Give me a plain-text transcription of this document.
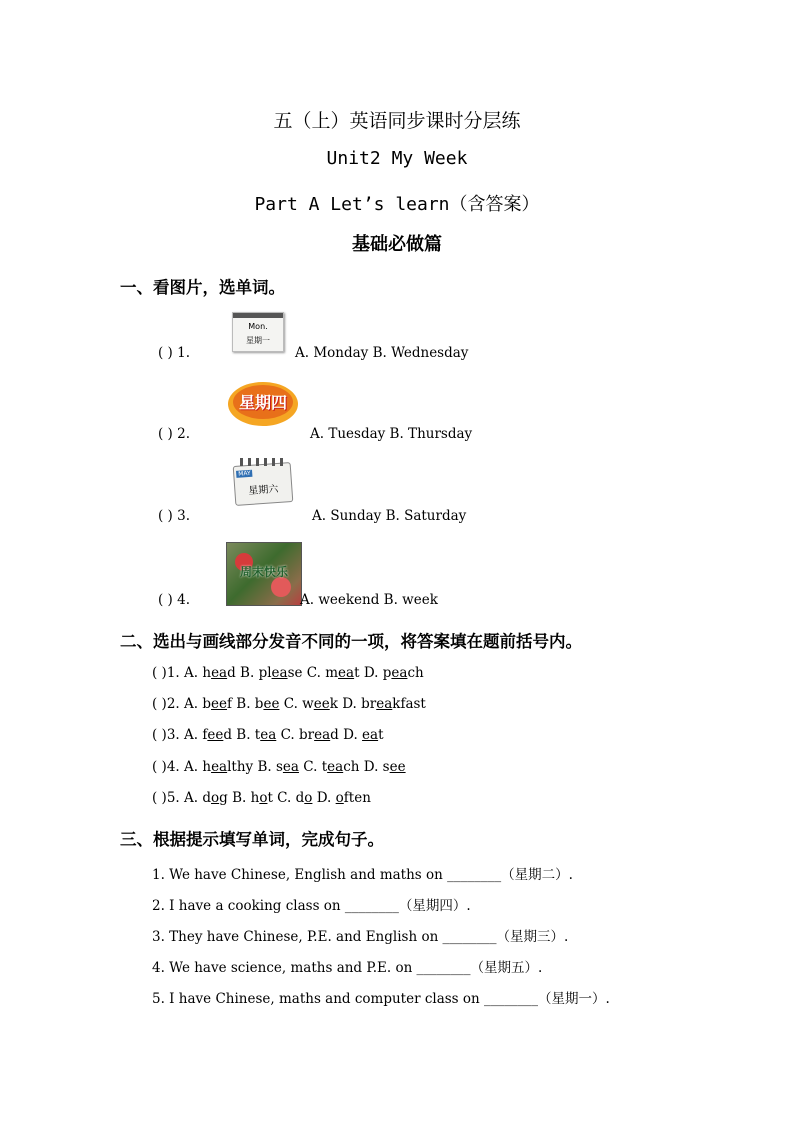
五（上）英语同步课时分层练
Unit2 My Week
Part A Let’s learn（含答案）
基础必做篇
一、看图片，选单词。
Mon.
星期一
( ) 1.	A. Monday B. Wednesday
星期四
( ) 2.	A. Tuesday B. Thursday
MAY
星期六
( ) 3.	A. Sunday B. Saturday
周末快乐
( ) 4.	A. weekend B. week
二、选出与画线部分发音不同的一项，将答案填在题前括号内。
( )1. A. head B. please C. meat D. peach
( )2. A. beef B. bee C. week D. breakfast
( )3. A. feed B. tea C. bread D. eat
( )4. A. healthy B. sea C. teach D. see
( )5. A. dog B. hot C. do D. often
三、根据提示填写单词，完成句子。
1. We have Chinese, English and maths on ________（星期二）.
2. I have a cooking class on ________（星期四）.
3. They have Chinese, P.E. and English on ________（星期三）.
4. We have science, maths and P.E. on ________（星期五）.
5. I have Chinese, maths and computer class on ________（星期一）.
